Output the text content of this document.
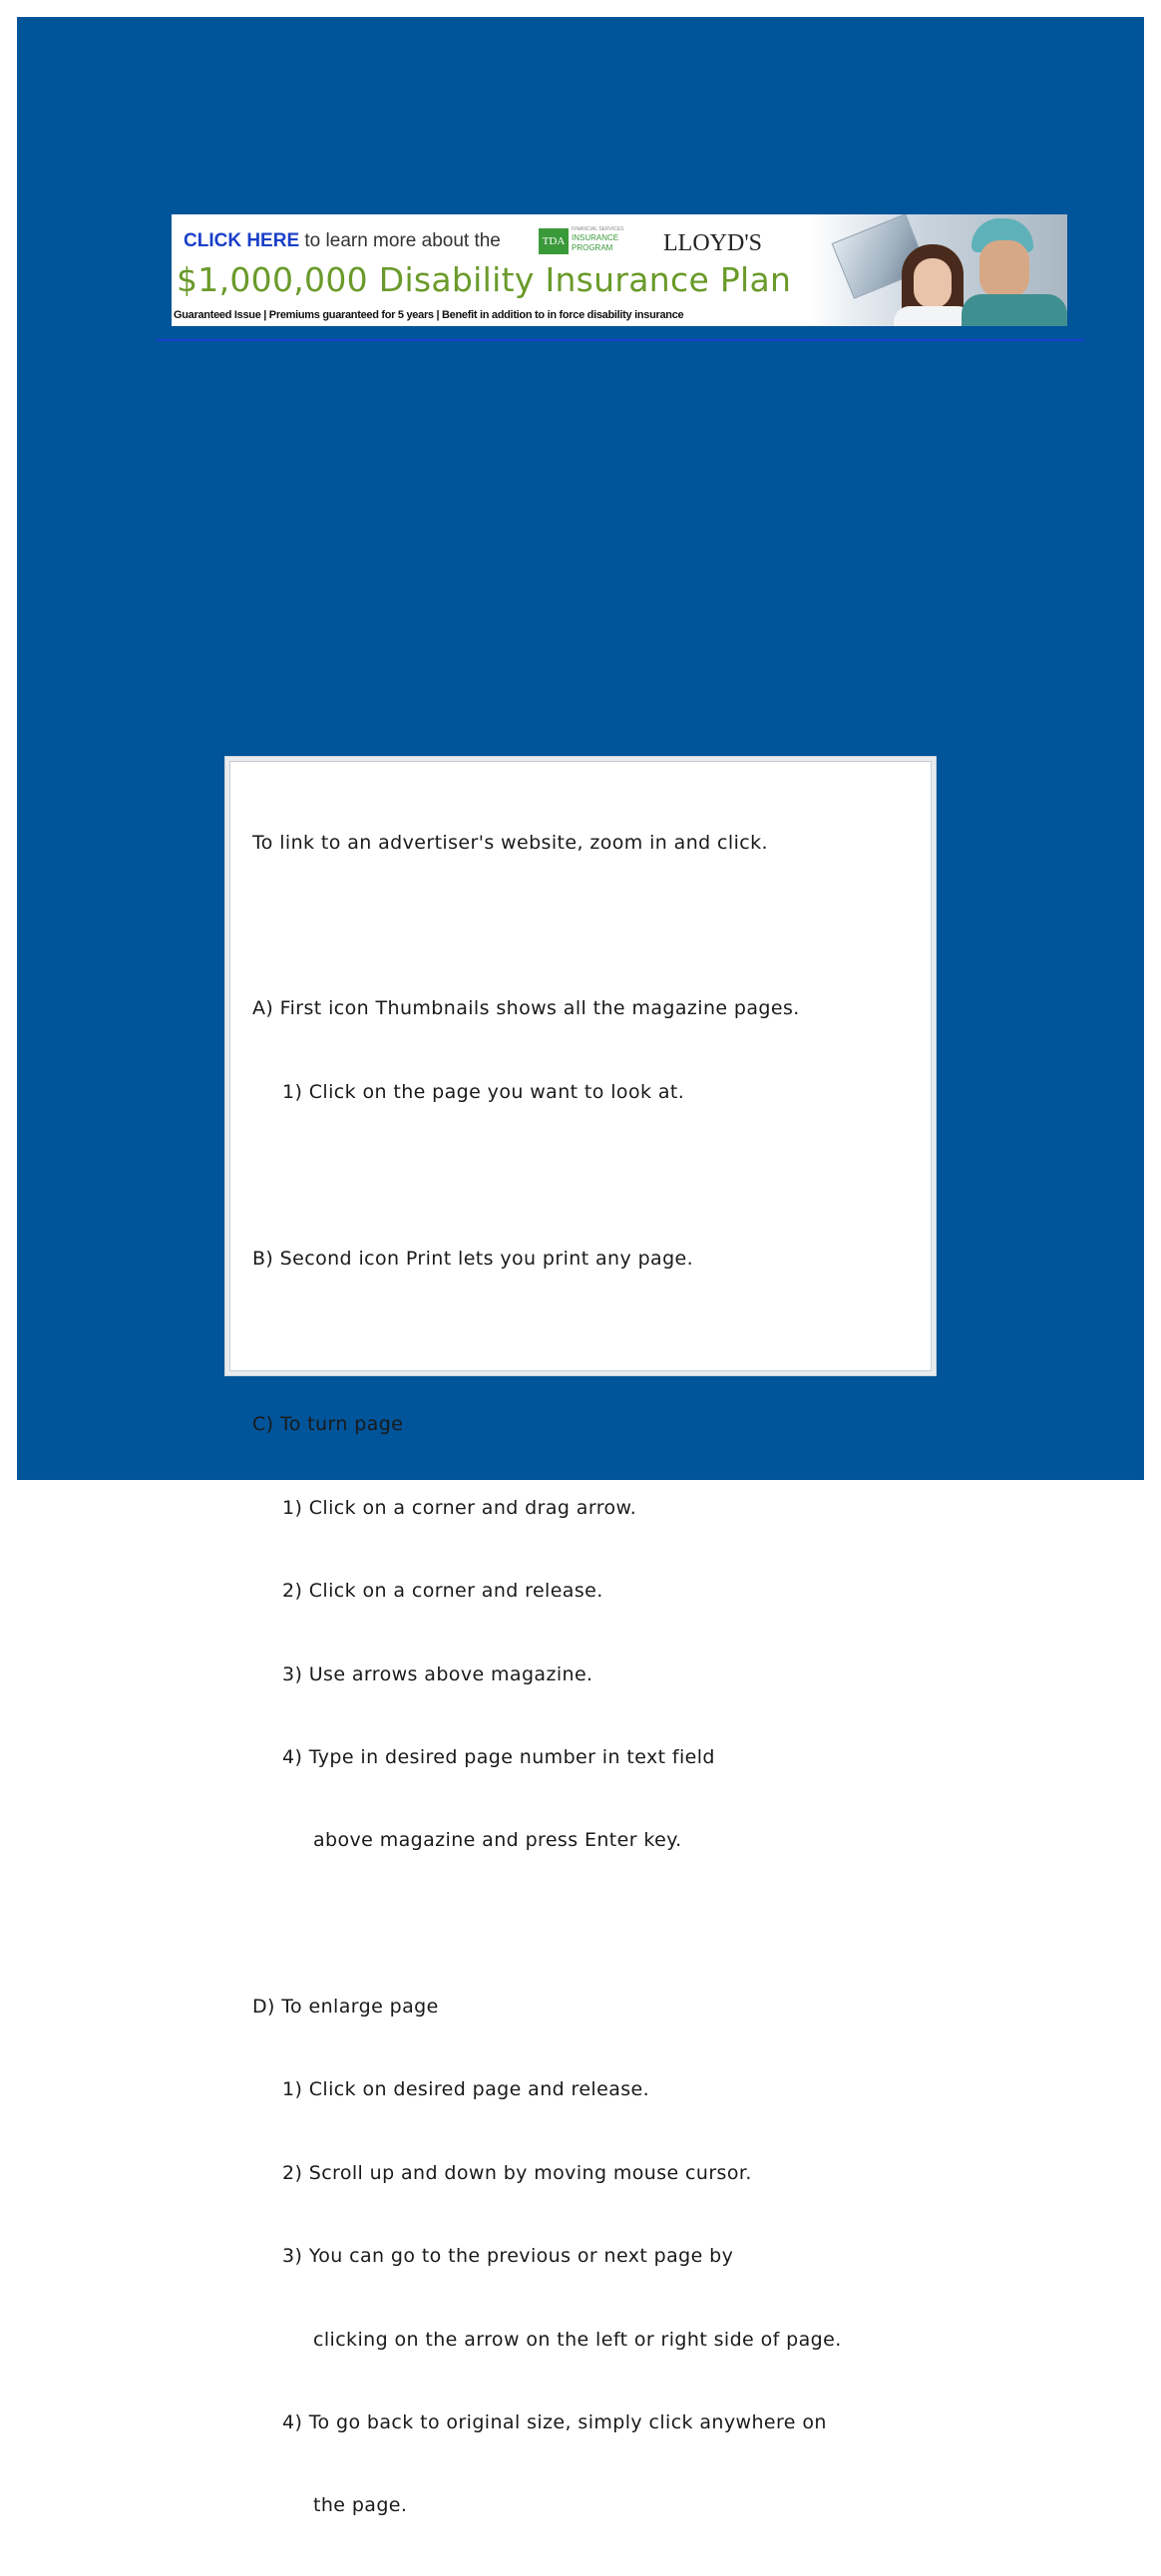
CLICK HERE to learn more about the	TDA
FINANCIAL SERVICES
INSURANCE
PROGRAM	LLOYD'S
$1,000,000 Disability Insurance Plan
Guaranteed Issue | Premiums guaranteed for 5 years | Benefit in addition to in force disability insurance

To link to an advertiser's website, zoom in and click.

A) First icon Thumbnails shows all the magazine pages.

1) Click on the page you want to look at.

B) Second icon Print lets you print any page.

C) To turn page

1) Click on a corner and drag arrow.

2) Click on a corner and release.

3) Use arrows above magazine.

4) Type in desired page number in text field

above magazine and press Enter key.

D) To enlarge page

1) Click on desired page and release.

2) Scroll up and down by moving mouse cursor.

3) You can go to the previous or next page by

clicking on the arrow on the left or right side of page.

4) To go back to original size, simply click anywhere on

the page.
